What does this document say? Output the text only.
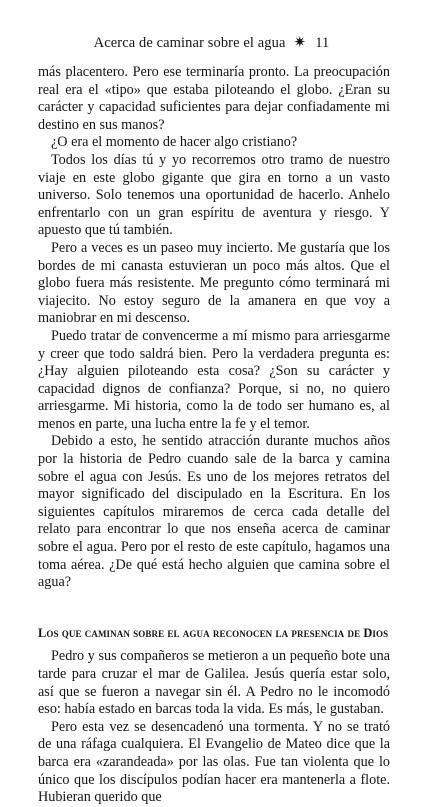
Acerca de caminar sobre el agua ✷ 11

más placentero. Pero ese terminaría pronto. La preocupación real era el «tipo» que estaba piloteando el globo. ¿Eran su carácter y capacidad suficientes para dejar confiadamente mi destino en sus manos?

¿O era el momento de hacer algo cristiano?

Todos los días tú y yo recorremos otro tramo de nuestro viaje en este globo gigante que gira en torno a un vasto universo. Solo tenemos una oportunidad de hacerlo. Anhelo enfrentarlo con un gran espíritu de aventura y riesgo. Y apuesto que tú también.

Pero a veces es un paseo muy incierto. Me gustaría que los bordes de mi canasta estuvieran un poco más altos. Que el globo fuera más resistente. Me pregunto cómo terminará mi viajecito. No estoy seguro de la amanera en que voy a maniobrar en mi descenso.

Puedo tratar de convencerme a mí mismo para arriesgarme y creer que todo saldrá bien. Pero la verdadera pregunta es: ¿Hay alguien piloteando esta cosa? ¿Son su carácter y capacidad dignos de confianza? Porque, si no, no quiero arriesgarme. Mi historia, como la de todo ser humano es, al menos en parte, una lucha entre la fe y el temor.

Debido a esto, he sentido atracción durante muchos años por la historia de Pedro cuando sale de la barca y camina sobre el agua con Jesús. Es uno de los mejores retratos del mayor significado del discipulado en la Escritura. En los siguientes capítulos miraremos de cerca cada detalle del relato para encontrar lo que nos enseña acerca de caminar sobre el agua. Pero por el resto de este capítulo, hagamos una toma aérea. ¿De qué está hecho alguien que camina sobre el agua?

Los que caminan sobre el agua reconocen la presencia de Dios

Pedro y sus compañeros se metieron a un pequeño bote una tarde para cruzar el mar de Galilea. Jesús quería estar solo, así que se fueron a navegar sin él. A Pedro no le incomodó eso: había estado en barcas toda la vida. Es más, le gustaban.

Pero esta vez se desencadenó una tormenta. Y no se trató de una ráfaga cualquiera. El Evangelio de Mateo dice que la barca era «zarandeada» por las olas. Fue tan violenta que lo único que los discípulos podían hacer era mantenerla a flote. Hubieran querido que
